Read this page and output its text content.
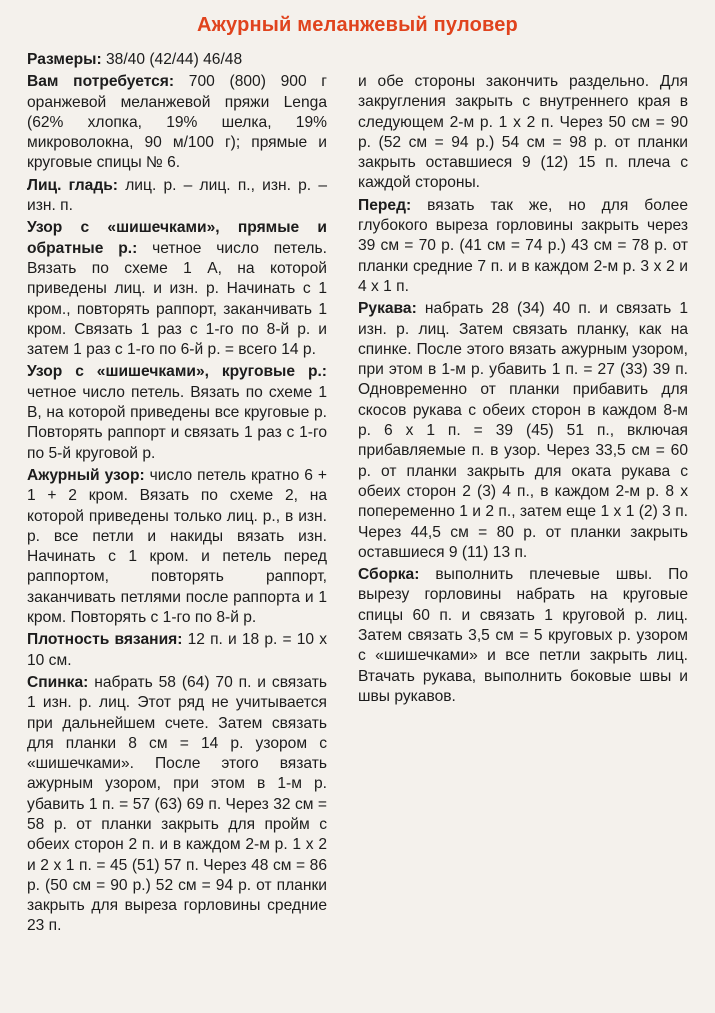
Ажурный меланжевый пуловер

Размеры: 38/40 (42/44) 46/48

Вам потребуется: 700 (800) 900 г оранжевой меланжевой пряжи Lenga (62% хлопка, 19% шелка, 19% микроволокна, 90 м/100 г); прямые и круговые спицы № 6.

Лиц. гладь: лиц. р. – лиц. п., изн. р. – изн. п.

Узор с «шишечками», прямые и обратные р.: четное число петель. Вязать по схеме 1 А, на которой приведены лиц. и изн. р. Начинать с 1 кром., повторять раппорт, заканчивать 1 кром. Связать 1 раз с 1-го по 8-й р. и затем 1 раз с 1-го по 6-й р. = всего 14 р.

Узор с «шишечками», круговые р.: четное число петель. Вязать по схеме 1 В, на которой приведены все круговые р. Повторять раппорт и связать 1 раз с 1-го по 5-й круговой р.

Ажурный узор: число петель кратно 6 + 1 + 2 кром. Вязать по схеме 2, на которой приведены только лиц. р., в изн. р. все петли и накиды вязать изн. Начинать с 1 кром. и петель перед раппортом, повторять раппорт, заканчивать петлями после раппорта и 1 кром. Повторять с 1-го по 8-й р.

Плотность вязания: 12 п. и 18 р. = 10 х 10 см.

Спинка: набрать 58 (64) 70 п. и связать 1 изн. р. лиц. Этот ряд не учитывается при дальнейшем счете. Затем связать для планки 8 см = 14 р. узором с «шишечками». После этого вязать ажурным узором, при этом в 1-м р. убавить 1 п. = 57 (63) 69 п. Через 32 см = 58 р. от планки закрыть для пройм с обеих сторон 2 п. и в каждом 2-м р. 1 х 2 и 2 х 1 п. = 45 (51) 57 п. Через 48 см = 86 р. (50 см = 90 р.) 52 см = 94 р. от планки закрыть для выреза горловины средние 23 п.

и обе стороны закончить раздельно. Для закругления закрыть с внутреннего края в следующем 2-м р. 1 х 2 п. Через 50 см = 90 р. (52 см = 94 р.) 54 см = 98 р. от планки закрыть оставшиеся 9 (12) 15 п. плеча с каждой стороны.

Перед: вязать так же, но для более глубокого выреза горловины закрыть через 39 см = 70 р. (41 см = 74 р.) 43 см = 78 р. от планки средние 7 п. и в каждом 2-м р. 3 х 2 и 4 х 1 п.

Рукава: набрать 28 (34) 40 п. и связать 1 изн. р. лиц. Затем связать планку, как на спинке. После этого вязать ажурным узором, при этом в 1-м р. убавить 1 п. = 27 (33) 39 п. Одновременно от планки прибавить для скосов рукава с обеих сторон в каждом 8-м р. 6 х 1 п. = 39 (45) 51 п., включая прибавляемые п. в узор. Через 33,5 см = 60 р. от планки закрыть для оката рукава с обеих сторон 2 (3) 4 п., в каждом 2-м р. 8 х попеременно 1 и 2 п., затем еще 1 х 1 (2) 3 п. Через 44,5 см = 80 р. от планки закрыть оставшиеся 9 (11) 13 п.

Сборка: выполнить плечевые швы. По вырезу горловины набрать на круговые спицы 60 п. и связать 1 круговой р. лиц. Затем связать 3,5 см = 5 круговых р. узором с «шишечками» и все петли закрыть лиц. Втачать рукава, выполнить боковые швы и швы рукавов.
